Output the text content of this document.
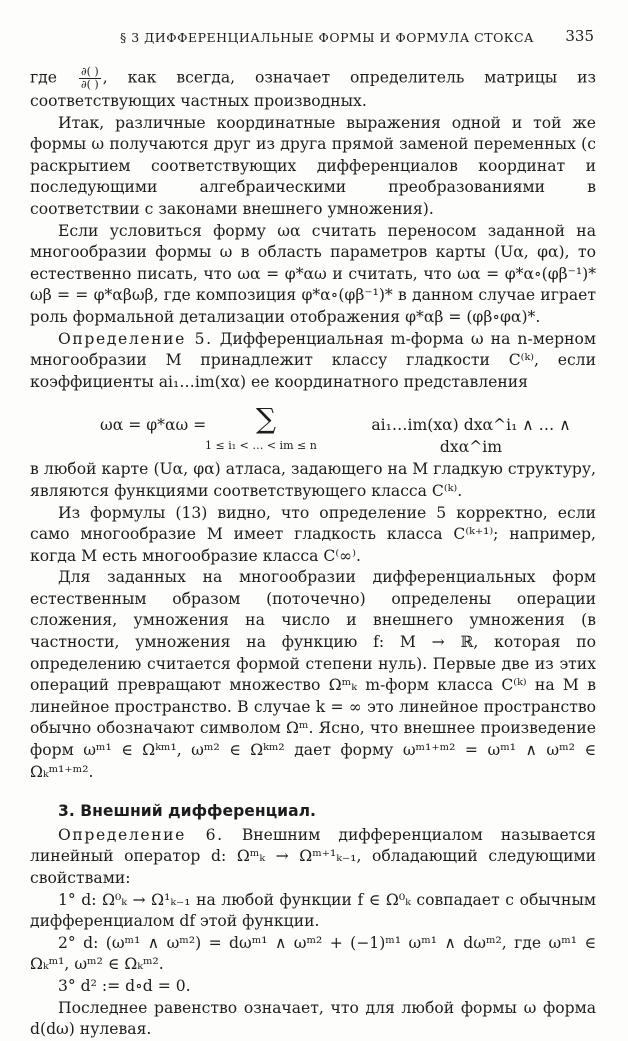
§ 3 ДИФФЕРЕНЦИАЛЬНЫЕ ФОРМЫ И ФОРМУЛА СТОКСА 335

где $\frac{\partial( )}{\partial( )}$ , как всегда, означает определитель матрицы из соответствующих частных производных.

Итак, различные координатные выражения одной и той же формы ω получаются друг из друга прямой заменой переменных (с раскрытием соответствующих дифференциалов координат и последующими алгебраическими преобразованиями в соответствии с законами внешнего умножения).

Если условиться форму ωα считать переносом заданной на многообразии формы ω в область параметров карты (Uα, φα), то естественно писать, что ωα = φ*αω и считать, что ωα = φ*α∘(φβ⁻¹)* ωβ = = φ*αβωβ, где композиция φ*α∘(φβ⁻¹)* в данном случае играет роль формальной детализации отображения φ*αβ = (φβ∘φα)*.

Определение 5. Дифференциальная m-форма ω на n-мерном многообразии M принадлежит классу гладкости C⁽ᵏ⁾, если коэффициенты ai₁…im(xα) ее координатного представления

ωα = φ*αω = ∑
1 ≤ i₁ < … < im ≤ n
ai₁…im(xα) dxα^i₁ ∧ … ∧ dxα^im

в любой карте (Uα, φα) атласа, задающего на M гладкую структуру, являются функциями соответствующего класса C⁽ᵏ⁾.

Из формулы (13) видно, что определение 5 корректно, если само многообразие M имеет гладкость класса C⁽ᵏ⁺¹⁾; например, когда M есть многообразие класса C⁽∞⁾.

Для заданных на многообразии дифференциальных форм естественным образом (поточечно) определены операции сложения, умножения на число и внешнего умножения (в частности, умножения на функцию f: M → ℝ, которая по определению считается формой степени нуль). Первые две из этих операций превращают множество Ωᵐₖ m-форм класса C⁽ᵏ⁾ на M в линейное пространство. В случае k = ∞ это линейное пространство обычно обозначают символом Ωᵐ. Ясно, что внешнее произведение форм ωᵐ¹ ∈ Ωᵏᵐ¹, ωᵐ² ∈ Ωᵏᵐ² дает форму ωᵐ¹⁺ᵐ² = ωᵐ¹ ∧ ωᵐ² ∈ Ωₖᵐ¹⁺ᵐ².

3. Внешний дифференциал.

Определение 6. Внешним дифференциалом называется линейный оператор d: Ωᵐₖ → Ωᵐ⁺¹ₖ₋₁, обладающий следующими свойствами:

1° d: Ω⁰ₖ → Ω¹ₖ₋₁ на любой функции f ∈ Ω⁰ₖ совпадает с обычным дифференциалом df этой функции.

2° d: (ωᵐ¹ ∧ ωᵐ²) = dωᵐ¹ ∧ ωᵐ² + (−1)ᵐ¹ ωᵐ¹ ∧ dωᵐ², где ωᵐ¹ ∈ Ωₖᵐ¹, ωᵐ² ∈ Ωₖᵐ².

3° d² := d∘d = 0.

Последнее равенство означает, что для любой формы ω форма d(dω) нулевая.
